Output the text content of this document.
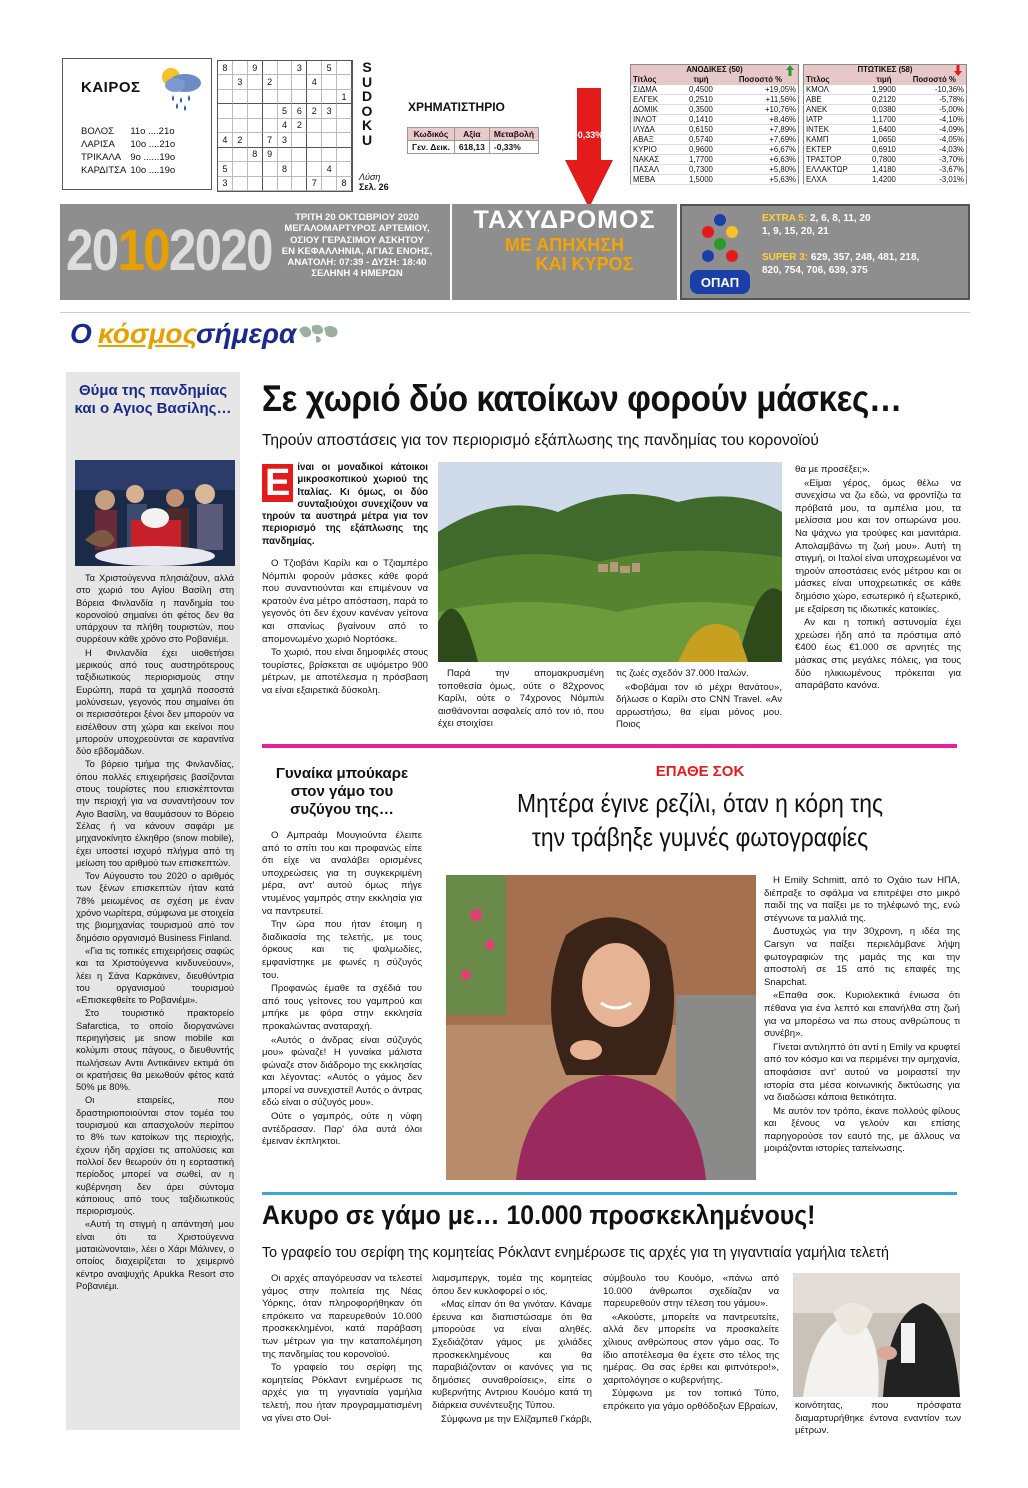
ΚΑΙΡΟΣ
ΒΟΛΟΣ	11ο ....21ο
ΛΑΡΙΣΑ	10ο ....21ο
ΤΡΙΚΑΛΑ	9ο ......19ο
ΚΑΡΔΙΤΣΑ	10ο ....19ο
8	9	3	5
3	2	4
1
5	6	2	3
4	2
4	2	7	3
8	9
5	8	4
3	7	8
S
U
D
O
K
U
Λύση
Σελ. 26
ΧΡΗΜΑΤΙΣΤΗΡΙΟ
Κωδικός	Αξία	Μεταβολή
Γεν. Δεικ.	618,13	-0,33%
-0,33%
ΑΝΟΔΙΚΕΣ (50)		

Τίτλος	τιμή	Ποσοστό %
ΣΙΔΜΑ	0,4500	+19,05%
ΕΛΓΕΚ	0,2510	+11,56%
ΔΟΜΙΚ	0,3500	+10,76%
ΙΝΛΟΤ	0,1410	+8,46%
ΙΛΥΔΑ	0,6150	+7,89%
ΑΒΑΞ	0,5740	+7,69%
ΚΥΡΙΟ	0,9600	+6,67%
ΝΑΚΑΣ	1,7700	+6,63%
ΠΑΣΑΛ	0,7300	+5,80%
ΜΕΒΑ	1,5000	+5,63%
ΠΤΩΤΙΚΕΣ (58)		

Τίτλος	τιμή	Ποσοστό %
ΚΜΟΛ	1,9900	-10,36%
ΑΒΕ	0,2120	-5,78%
ΑΝΕΚ	0,0380	-5,00%
ΙΑΤΡ	1,1700	-4,10%
ΙΝΤΕΚ	1,6400	-4,09%
ΚΑΜΠ	1,0650	-4,05%
ΕΚΤΕΡ	0,6910	-4,03%
ΤΡΑΣΤΟΡ	0,7800	-3,70%
ΕΛΛΑΚΤΩΡ	1,4180	-3,67%
ΕΛΧΑ	1,4200	-3,01%
20102020
ΤΡΙΤΗ 20 ΟΚΤΩΒΡΙΟΥ 2020
ΜΕΓΑΛΟΜΑΡΤΥΡΟΣ ΑΡΤΕΜΙΟΥ,
ΟΣΙΟΥ ΓΕΡΑΣΙΜΟΥ ΑΣΚΗΤΟΥ
ΕΝ ΚΕΦΑΛΛΗΝΙΑ, ΑΓΙΑΣ ΕΝΟΗΣ,
ΑΝΑΤΟΛΗ: 07:39 - ΔΥΣΗ: 18:40
ΣΕΛΗΝΗ 4 ΗΜΕΡΩΝ
ΤΑΧΥΔΡΟΜΟΣ
ΜΕ ΑΠΗΧΗΣΗ
ΚΑΙ ΚΥΡΟΣ
ΟΠΑΠ
EXTRA 5: 2, 6, 8, 11, 20
1, 9, 15, 20, 21
SUPER 3: 629, 357, 248, 481, 218,
820, 754, 706, 639, 375
Ο κόσμος
σήμερα
Θύμα της πανδημίας και ο Αγιος Βασίλης…

Τα Χριστούγεννα πλησιάζουν, αλλά στο χωριό του Αγίου Βασίλη στη Βόρεια Φινλανδία η πανδημία του κορονοϊού σημαίνει ότι φέτος δεν θα υπάρχουν τα πλήθη τουριστών, που συρρέουν κάθε χρόνο στο Ροβανιέμι.

Η Φινλανδία έχει υιοθετήσει μερικούς από τους αυστηρότερους ταξιδιωτικούς περιορισμούς στην Ευρώπη, παρά τα χαμηλά ποσοστά μολύνσεων, γεγονός που σημαίνει ότι οι περισσότεροι ξένοι δεν μπορούν να εισέλθουν στη χώρα και εκείνοι που μπορούν υποχρεούνται σε καραντίνα δύο εβδομάδων.

Το βόρειο τμήμα της Φινλανδίας, όπου πολλές επιχειρήσεις βασίζονται στους τουρίστες που επισκέπτονται την περιοχή για να συναντήσουν τον Αγιο Βασίλη, να θαυμάσουν το Βόρειο Σέλας ή να κάνουν σαφάρι με μηχανοκίνητο έλκηθρο (snow mobile), έχει υποστεί ισχυρό πλήγμα από τη μείωση του αριθμού των επισκεπτών.

Τον Αύγουστο του 2020 ο αριθμός των ξένων επισκεπτών ήταν κατά 78% μειωμένος σε σχέση με έναν χρόνο νωρίτερα, σύμφωνα με στοιχεία της βιομηχανίας τουρισμού από τον δημόσιο οργανισμό Business Finland.

«Για τις τοπικές επιχειρήσεις σαφώς και τα Χριστούγεννα κινδυνεύουν», λέει η Σάνα Καρκάινεν, διευθύντρια του οργανισμού τουρισμού «Επισκεφθείτε το Ροβανιέμι».

Στο τουριστικό πρακτορείο Safarctica, το οποίο διοργανώνει περιηγήσεις με snow mobile και κολύμπι στους πάγους, ο διευθυντής πωλήσεων Αντιι Αντικάινεν εκτιμά ότι οι κρατήσεις θα μειωθούν φέτος κατά 50% με 80%.

Οι εταιρείες, που δραστηριοποιούνται στον τομέα του τουρισμού και απασχολούν περίπου το 8% των κατοίκων της περιοχής, έχουν ήδη αρχίσει τις απολύσεις και πολλοί δεν θεωρούν ότι η εορταστική περίοδος μπορεί να σωθεί, αν η κυβέρνηση δεν άρει σύντομα κάποιους από τους ταξιδιωτικούς περιορισμούς.

«Αυτή τη στιγμή η απάντησή μου είναι ότι τα Χριστούγεννα ματαιώνονται», λέει ο Χάρι Μάλινεν, ο οποίος διαχειρίζεται το χειμερινό κέντρο αναψυχής Apukka Resort στο Ροβανιέμι.

Σε χωριό δύο κατοίκων φορούν μάσκες…
Τηρούν αποστάσεις για τον περιορισμό εξάπλωσης της πανδημίας του κορονοϊού
Ε ίναι οι μοναδικοί κάτοικοι μικροσκοπικού χωριού της Ιταλίας. Κι όμως, οι δύο συνταξιούχοι συνεχίζουν να τηρούν τα αυστηρά μέτρα για τον περιορισμό της εξάπλωσης της πανδημίας.

Ο Τζιοβάνι Καρίλι και ο Τζιαμπέρο Νόμπιλι φορούν μάσκες κάθε φορά που συναντιούνται και επιμένουν να κρατούν ένα μέτρο απόσταση, παρά το γεγονός ότι δεν έχουν κανέναν γείτονα και σπανίως βγαίνουν από το απομονωμένο χωριό Νορτόσκε.

Το χωριό, που είναι δημοφιλές στους τουρίστες, βρίσκεται σε υψόμετρο 900 μέτρων, με αποτέλεσμα η πρόσβαση να είναι εξαιρετικά δύσκολη.

Παρά την απομακρυσμένη τοποθεσία όμως, ούτε ο 82χρονος Καρίλι, ούτε ο 74χρονος Νόμπιλι αισθάνονται ασφαλείς από τον ιό, που έχει στοιχίσει

τις ζωές σχεδόν 37.000 Ιταλών.

«Φοβάμαι τον ιό μέχρι θανάτου», δήλωσε ο Καρίλι στο CNN Travel. «Αν αρρωστήσω, θα είμαι μόνος μου. Ποιος

θα με προσέξει;».

«Είμαι γέρος, όμως θέλω να συνεχίσω να ζω εδώ, να φροντίζω τα πρόβατά μου, τα αμπέλια μου, τα μελίσσια μου και τον οπωρώνα μου. Να ψάχνω για τρούφες και μανιτάρια. Απολαμβάνω τη ζωή μου». Αυτή τη στιγμή, οι Ιταλοί είναι υποχρεωμένοι να τηρούν αποστάσεις ενός μέτρου και οι μάσκες είναι υποχρεωτικές σε κάθε δημόσιο χώρο, εσωτερικό ή εξωτερικό, με εξαίρεση τις ιδιωτικές κατοικίες.

Αν και η τοπική αστυνομία έχει χρεώσει ήδη από τα πρόστιμα από €400 έως €1.000 σε αρνητές της μάσκας στις μεγάλες πόλεις, για τους δύο ηλικιωμένους πρόκειται για απαράβατο κανόνα.

Γυναίκα μπούκαρε στον γάμο του συζύγου της…

Ο Αμπραάμ Μουγιούντα έλειπε από το σπίτι του και προφανώς είπε ότι είχε να αναλάβει ορισμένες υποχρεώσεις για τη συγκεκριμένη μέρα, αντ' αυτού όμως πήγε ντυμένος γαμπρός στην εκκλησία για να παντρευτεί.

Την ώρα που ήταν έτοιμη η διαδικασία της τελετής, με τους όρκους και τις ψαλμωδίες, εμφανίστηκε με φωνές η σύζυγός του.

Προφανώς έμαθε τα σχέδιά του από τους γείτονες του γαμπρού και μπήκε με φόρα στην εκκλησία προκαλώντας αναταραχή.

«Αυτός ο άνδρας είναι σύζυγός μου» φώναζε! Η γυναίκα μάλιστα φώναζε στον διάδρομο της εκκλησίας και λέγοντας: «Αυτός ο γάμος δεν μπορεί να συνεχιστεί! Αυτός ο άντρας εδώ είναι ο σύζυγός μου».

Ούτε ο γαμπρός, ούτε η νύφη αντέδρασαν. Παρ' όλα αυτά όλοι έμειναν έκπληκτοι.

ΕΠΑΘΕ ΣΟΚ
Μητέρα έγινε ρεζίλι, όταν η κόρη της
την τράβηξε γυμνές φωτογραφίες

Η Emily Schmitt, από το Οχάιο των ΗΠΑ, διέπραξε το σφάλμα να επιτρέψει στο μικρό παιδί της να παίξει με το τηλέφωνό της, ενώ στέγνωνε τα μαλλιά της.

Δυστυχώς για την 30χρονη, η ιδέα της Carsyn να παίξει περιελάμβανε λήψη φωτογραφιών της μαμάς της και την αποστολή σε 15 από τις επαφές της Snapchat.

«Επαθα σοκ. Κυριολεκτικά ένιωσα ότι πέθανα για ένα λεπτό και επανήλθα στη ζωή για να μπορέσω να πω στους ανθρώπους τι συνέβη».

Γίνεται αντιληπτό ότι αντί η Emily να κρυφτεί από τον κόσμο και να περιμένει την αμηχανία, αποφάσισε αντ' αυτού να μοιραστεί την ιστορία στα μέσα κοινωνικής δικτύωσης για να διαδώσει κάποια θετικότητα.

Με αυτόν τον τρόπο, έκανε πολλούς φίλους και ξένους να γελούν και επίσης παρηγορούσε τον εαυτό της, με άλλους να μοιράζονται ιστορίες ταπείνωσης.

Ακυρο σε γάμο με… 10.000 προσκεκλημένους!
Το γραφείο του σερίφη της κομητείας Ρόκλαντ ενημέρωσε τις αρχές για τη γιγαντιαία γαμήλια τελετή

Οι αρχές απαγόρευσαν να τελεστεί γάμος στην πολιτεία της Νέας Υόρκης, όταν πληροφορήθηκαν ότι επρόκειτο να παρευρεθούν 10.000 προσκεκλημένοι, κατά παράβαση των μέτρων για την καταπολέμηση της πανδημίας του κορονοϊού.

Το γραφείο του σερίφη της κομητείας Ρόκλαντ ενημέρωσε τις αρχές για τη γιγαντιαία γαμήλια τελετή, που ήταν προγραμματισμένη να γίνει στο Ουί-

λιαμσμπεργκ, τομέα της κομητείας όπου δεν κυκλοφορεί ο ιός.

«Μας είπαν ότι θα γινόταν. Κάναμε έρευνα και διαπιστώσαμε ότι θα μπορούσε να είναι αληθές. Σχεδιάζόταν γάμος με χιλιάδες προσκεκλημένους και θα παραβιάζονταν οι κανόνες για τις δημόσιες συναθροίσεις», είπε ο κυβερνήτης Αντριου Κουόμο κατά τη διάρκεια συνέντευξης Τύπου.

Σύμφωνα με την Ελίζαμπεθ Γκάρβι,

σύμβουλο του Κουόμο, «πάνω από 10.000 άνθρωποι σχεδίαζαν να παρευρεθούν στην τέλεση του γάμου».

«Ακούστε, μπορείτε να παντρευτείτε, αλλά δεν μπορείτε να προσκαλείτε χίλιους ανθρώπους στον γάμο σας. Το ίδιο αποτέλεσμα θα έχετε στο τέλος της ημέρας. Θα σας έρθει και φιπνότερο!», χαριτολόγησε ο κυβερνήτης.

Σύμφωνα με τον τοπικό Τύπο, επρόκειτο για γάμο ορθόδοξων Εβραίων, κοινότητας, που πρόσφατα διαμαρτυρήθηκε έντονα εναντίον των μέτρων.
